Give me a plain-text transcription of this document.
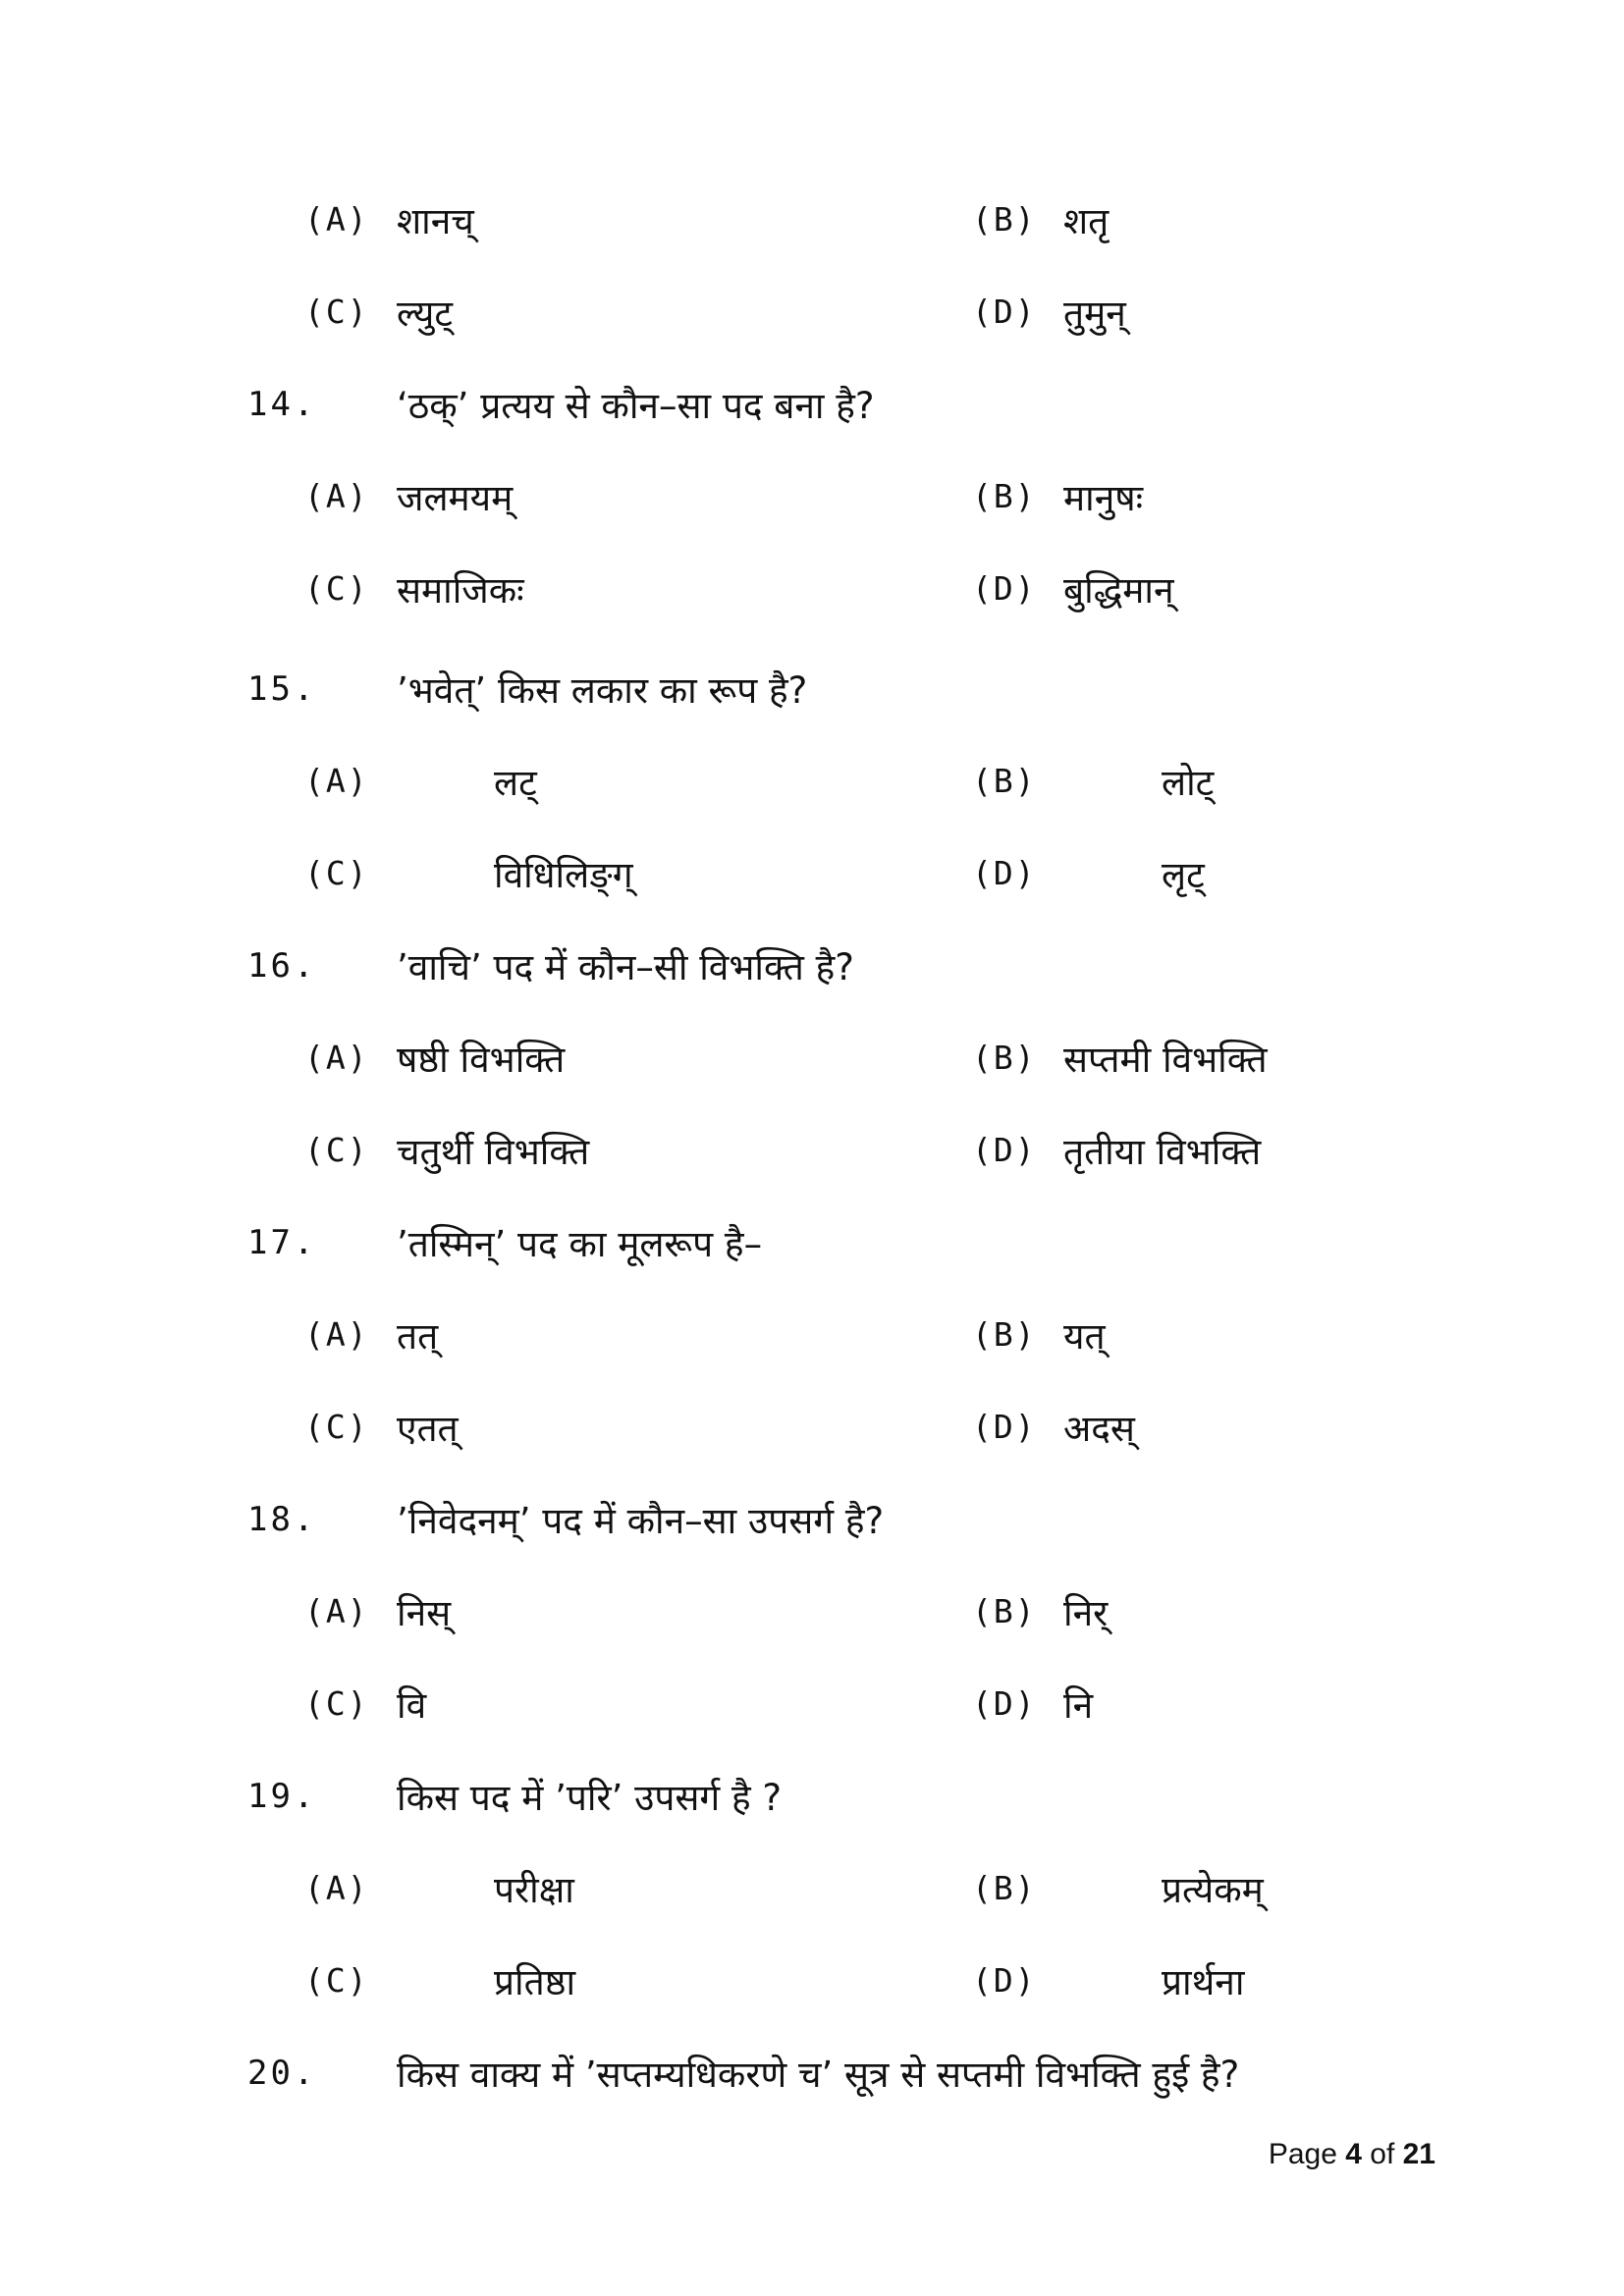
(A) शानच्	(B) शतृ
(C) ल्युट्	(D) तुमुन्
14. ‘ठक्’ प्रत्यय से कौन–सा पद बना है?
(A) जलमयम्	(B) मानुषः
(C) समाजिकः	(D) बुद्धिमान्
15. ’भवेत्’ किस लकार का रूप है?
(A)	लट्	(B)	लोट्
(C)	विधिलिङ्ग्	(D)	लृट्
16. ’वाचि’ पद में कौन–सी विभक्ति है?
(A) षष्ठी विभक्ति	(B) सप्तमी विभक्ति
(C) चतुर्थी विभक्ति	(D) तृतीया विभक्ति
17. ’तस्मिन्’ पद का मूलरूप है–
(A) तत्	(B) यत्
(C) एतत्	(D) अदस्
18. ’निवेदनम्’ पद में कौन–सा उपसर्ग है?
(A) निस्	(B) निर्
(C) वि	(D) नि
19. किस पद में ’परि’ उपसर्ग है ?
(A)	परीक्षा	(B)	प्रत्येकम्
(C)	प्रतिष्ठा	(D)	प्रार्थना
20. किस वाक्य में ’सप्तम्यधिकरणे च’ सूत्र से सप्तमी विभक्ति हुई है?
Page 4 of 21
